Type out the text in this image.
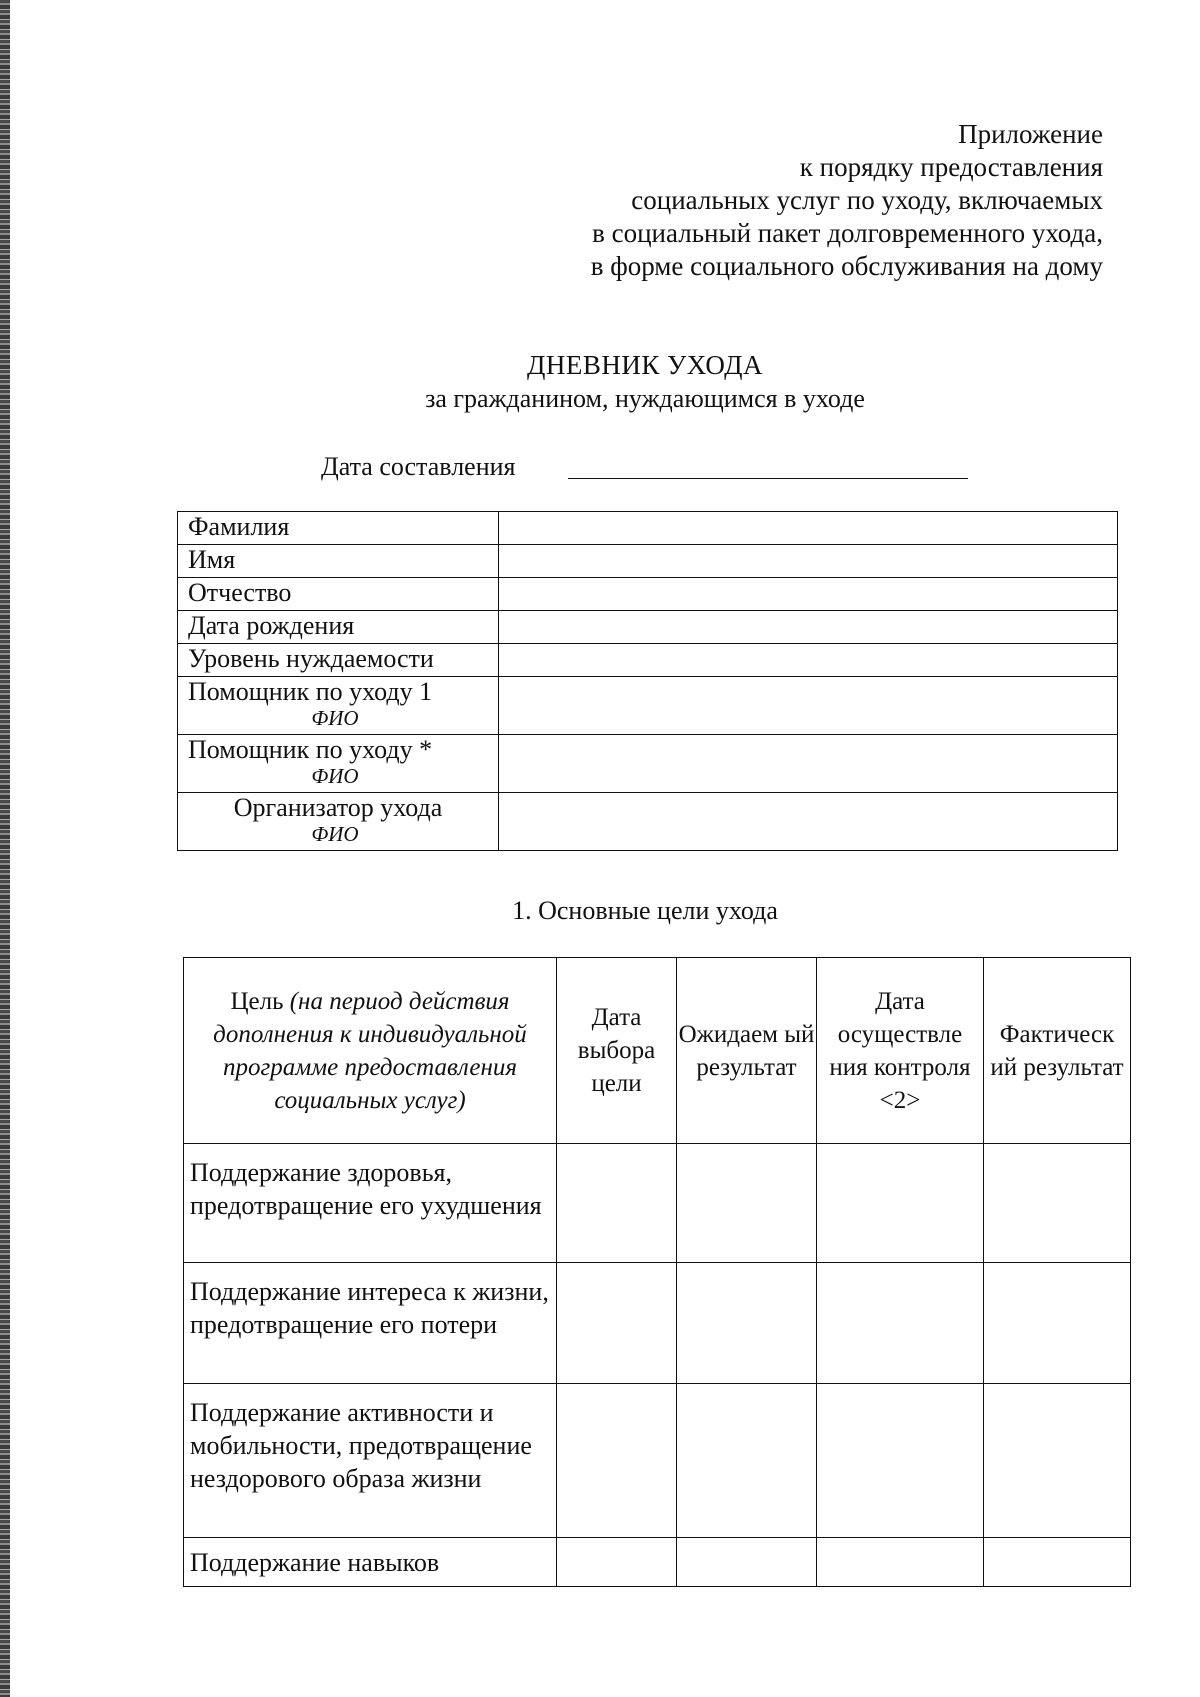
Приложение
к порядку предоставления
социальных услуг по уходу, включаемых
в социальный пакет долговременного ухода,
в форме социального обслуживания на дому
ДНЕВНИК УХОДА
за гражданином, нуждающимся в уходе
Дата составления
Фамилия	
Имя	
Отчество	
Дата рождения	
Уровень нуждаемости	
Помощник по уходу 1
ФИО	

Помощник по уходу *
ФИО	

Организатор ухода
ФИО	

1. Основные цели ухода
Цель (на период действия дополнения к индивидуальной программе предоставления социальных услуг)	Дата выбора цели	Ожидаем ый результат	Дата осуществле ния контроля <2>	Фактическ ий результат
Поддержание здоровья, предотвращение его ухудшения				
Поддержание интереса к жизни, предотвращение его потери				
Поддержание активности и мобильности, предотвращение нездорового образа жизни				
Поддержание навыков				
